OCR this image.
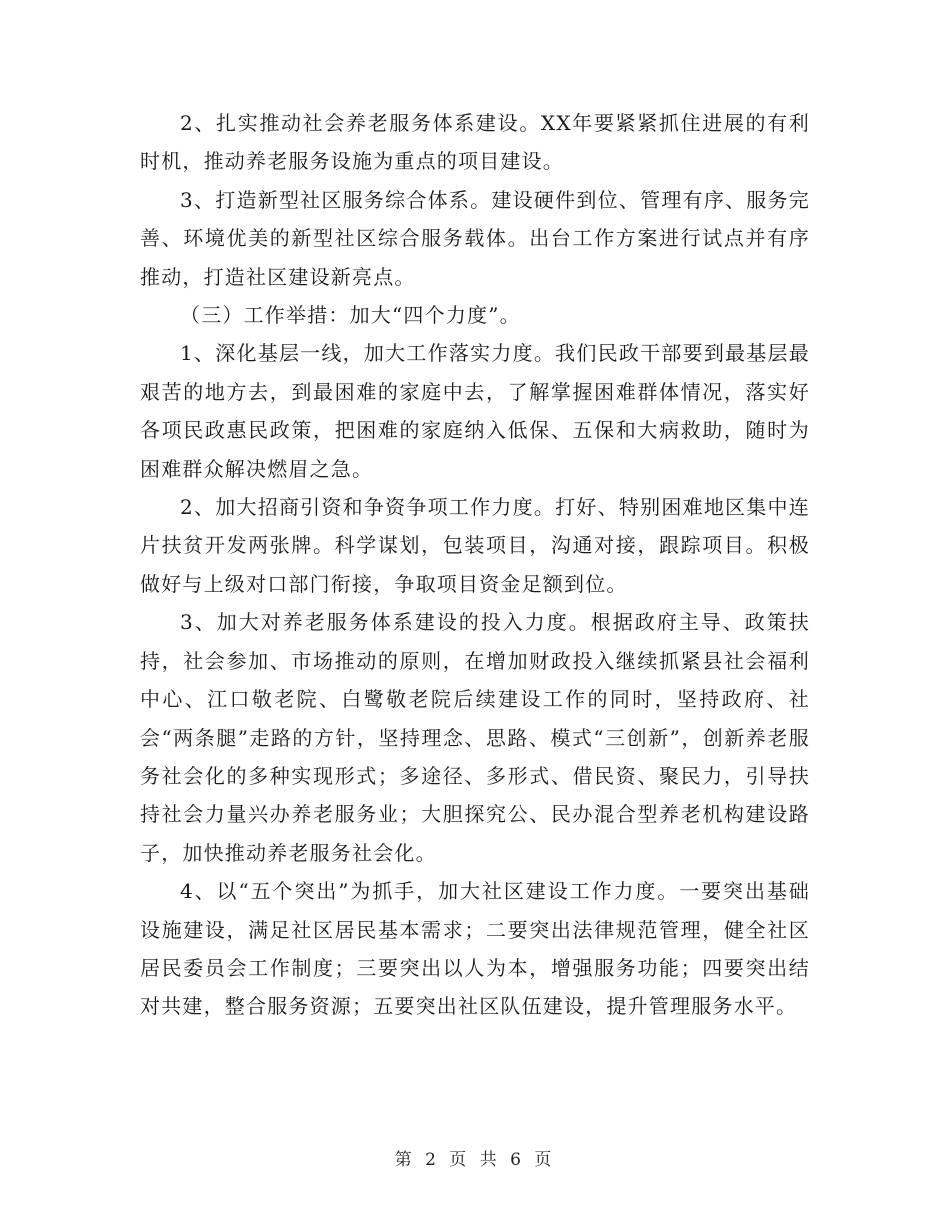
2、扎实推动社会养老服务体系建设。XX年要紧紧抓住进展的有利时机，推动养老服务设施为重点的项目建设。

3、打造新型社区服务综合体系。建设硬件到位、管理有序、服务完善、环境优美的新型社区综合服务载体。出台工作方案进行试点并有序推动，打造社区建设新亮点。

（三）工作举措：加大“四个力度”。

1、深化基层一线，加大工作落实力度。我们民政干部要到最基层最艰苦的地方去，到最困难的家庭中去，了解掌握困难群体情况，落实好各项民政惠民政策，把困难的家庭纳入低保、五保和大病救助，随时为困难群众解决燃眉之急。

2、加大招商引资和争资争项工作力度。打好、特别困难地区集中连片扶贫开发两张牌。科学谋划，包装项目，沟通对接，跟踪项目。积极做好与上级对口部门衔接，争取项目资金足额到位。

3、加大对养老服务体系建设的投入力度。根据政府主导、政策扶持，社会参加、市场推动的原则，在增加财政投入继续抓紧县社会福利中心、江口敬老院、白鹭敬老院后续建设工作的同时，坚持政府、社会“两条腿”走路的方针，坚持理念、思路、模式“三创新”，创新养老服务社会化的多种实现形式；多途径、多形式、借民资、聚民力，引导扶持社会力量兴办养老服务业；大胆探究公、民办混合型养老机构建设路子，加快推动养老服务社会化。

4、以“五个突出”为抓手，加大社区建设工作力度。一要突出基础设施建设，满足社区居民基本需求；二要突出法律规范管理，健全社区居民委员会工作制度；三要突出以人为本，增强服务功能；四要突出结对共建，整合服务资源；五要突出社区队伍建设，提升管理服务水平。

第 2 页 共 6 页
